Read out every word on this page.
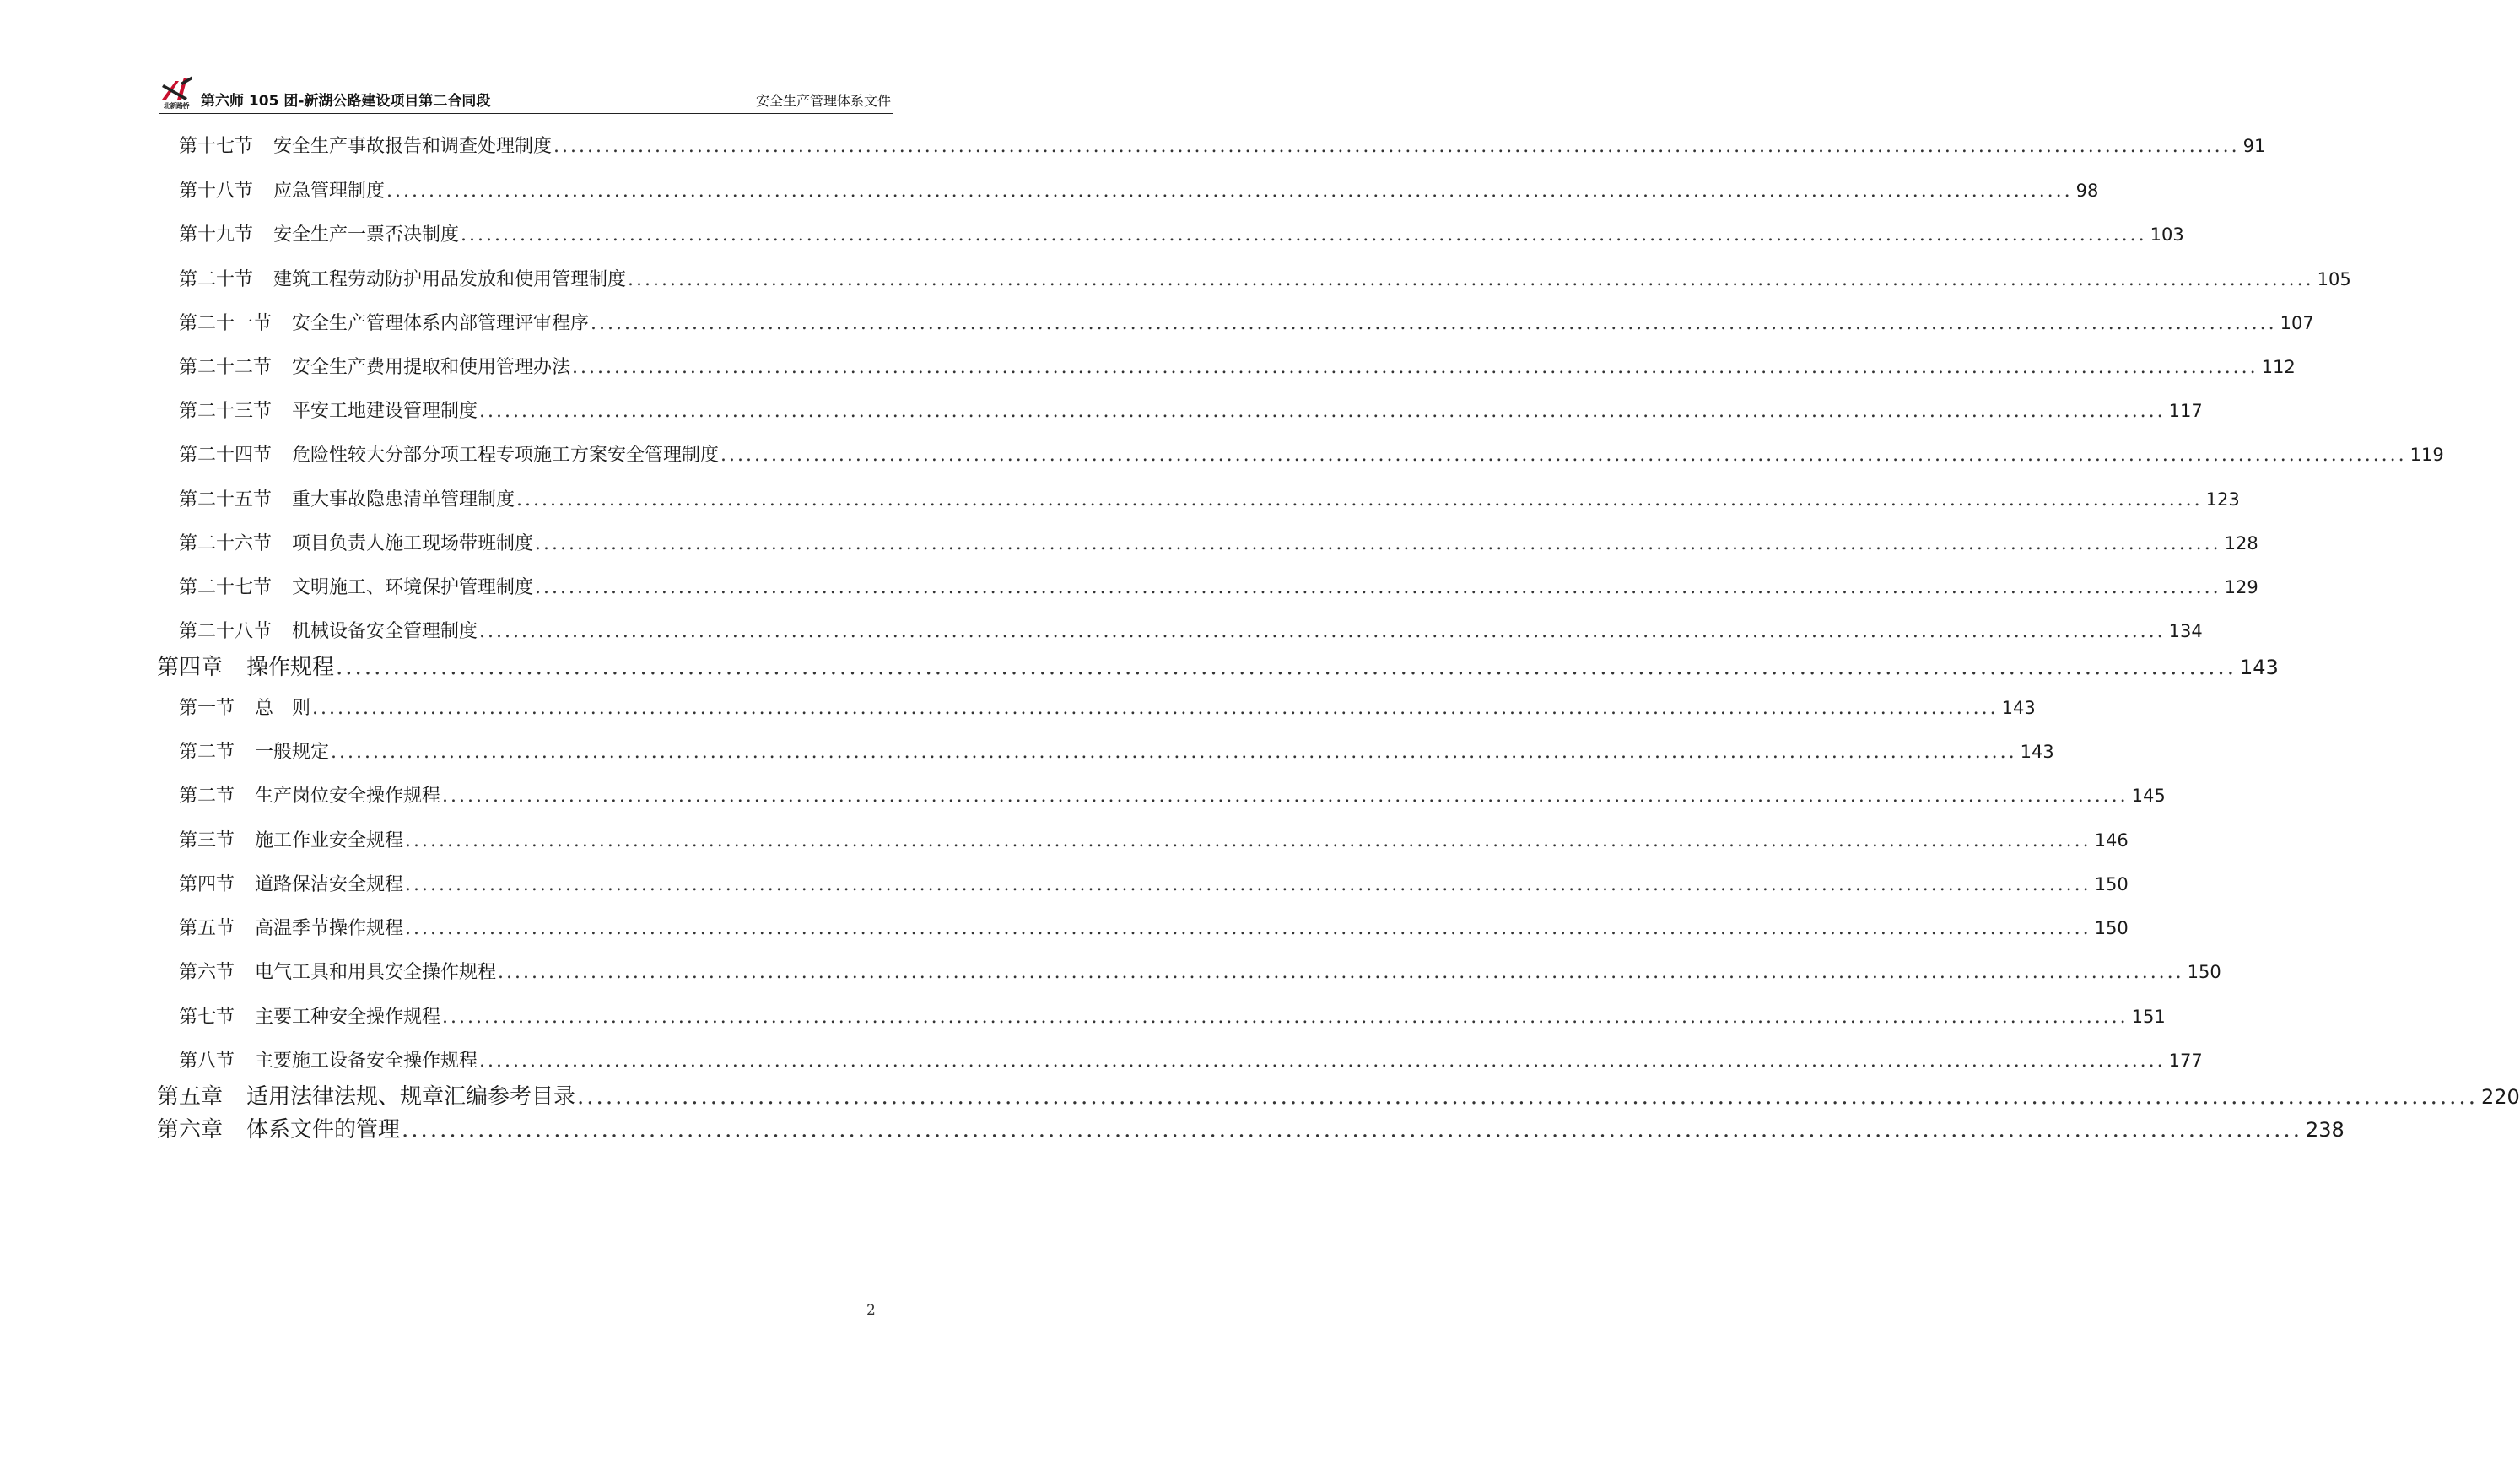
北新路桥 第六师 105 团-新湖公路建设项目第二合同段	安全生产管理体系文件
第十七节 安全生产事故报告和调查处理制度 ........................................................................................................................................................................................................ 91
第十八节 应急管理制度 ........................................................................................................................................................................................................ 98
第十九节 安全生产一票否决制度 ........................................................................................................................................................................................................ 103
第二十节 建筑工程劳动防护用品发放和使用管理制度 ........................................................................................................................................................................................................ 105
第二十一节 安全生产管理体系内部管理评审程序 ........................................................................................................................................................................................................ 107
第二十二节 安全生产费用提取和使用管理办法 ........................................................................................................................................................................................................ 112
第二十三节 平安工地建设管理制度 ........................................................................................................................................................................................................ 117
第二十四节 危险性较大分部分项工程专项施工方案安全管理制度 ........................................................................................................................................................................................................ 119
第二十五节 重大事故隐患清单管理制度 ........................................................................................................................................................................................................ 123
第二十六节 项目负责人施工现场带班制度 ........................................................................................................................................................................................................ 128
第二十七节 文明施工、环境保护管理制度 ........................................................................................................................................................................................................ 129
第二十八节 机械设备安全管理制度 ........................................................................................................................................................................................................ 134
第四章 操作规程 ........................................................................................................................................................................................................ 143
第一节 总　则 ........................................................................................................................................................................................................ 143
第二节 一般规定 ........................................................................................................................................................................................................ 143
第二节 生产岗位安全操作规程 ........................................................................................................................................................................................................ 145
第三节 施工作业安全规程 ........................................................................................................................................................................................................ 146
第四节 道路保洁安全规程 ........................................................................................................................................................................................................ 150
第五节 高温季节操作规程 ........................................................................................................................................................................................................ 150
第六节 电气工具和用具安全操作规程 ........................................................................................................................................................................................................ 150
第七节 主要工种安全操作规程 ........................................................................................................................................................................................................ 151
第八节 主要施工设备安全操作规程 ........................................................................................................................................................................................................ 177
第五章 适用法律法规、规章汇编参考目录 ........................................................................................................................................................................................................ 220
第六章 体系文件的管理 ........................................................................................................................................................................................................ 238
2
